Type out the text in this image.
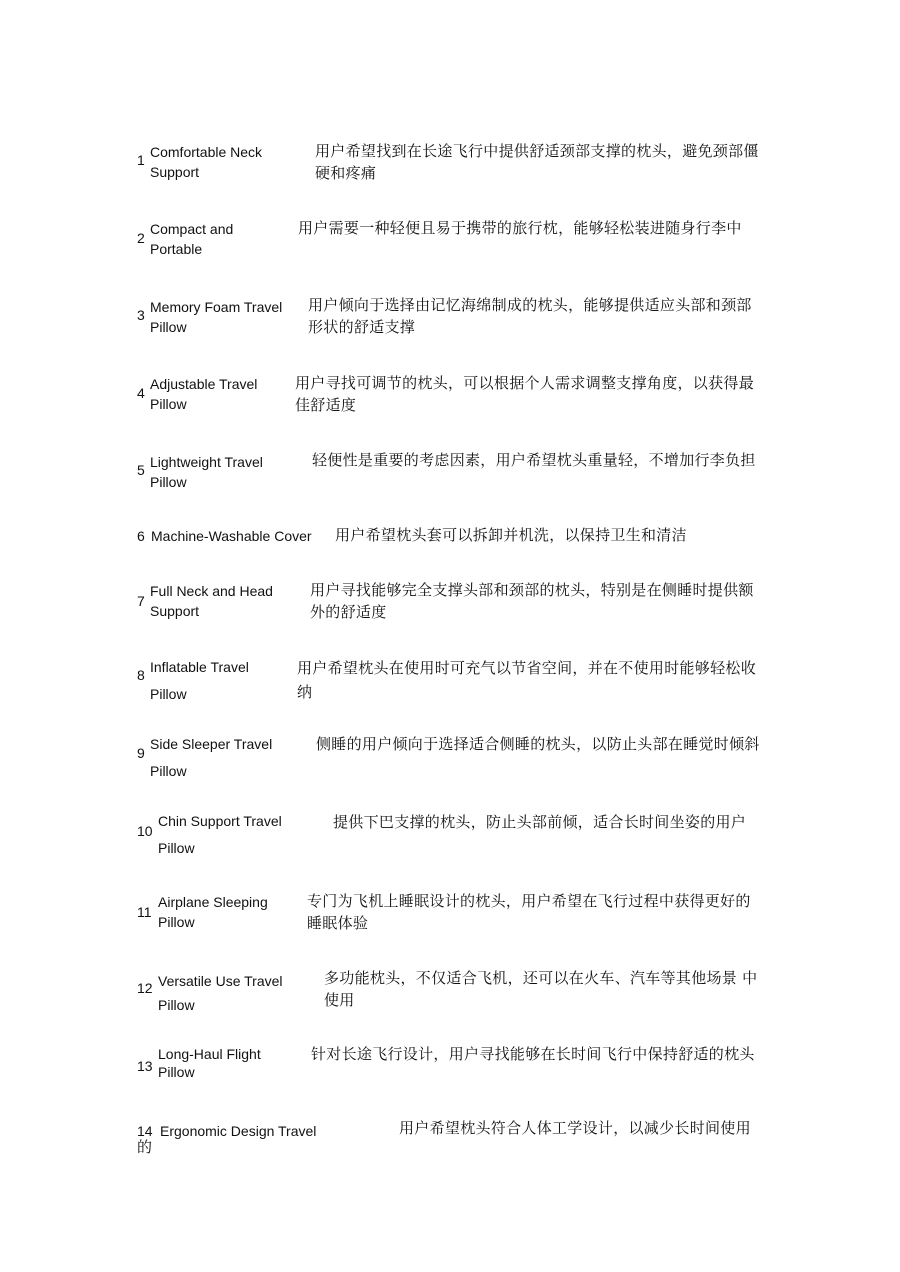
1 Comfortable Neck Support
用户希望找到在长途飞行中提供舒适颈部支撑的枕头，避免颈部僵硬和疼痛
2
Compact and Portable
用户需要一种轻便且易于携带的旅行枕，能够轻松装进随身行李中
3 Memory Foam Travel Pillow
用户倾向于选择由记忆海绵制成的枕头，能够提供适应头部和颈部形状的舒适支撑
4
Adjustable Travel Pillow
用户寻找可调节的枕头，可以根据个人需求调整支撑角度，以获得最佳舒适度
5 Lightweight Travel Pillow
轻便性是重要的考虑因素，用户希望枕头重量轻，不增加行李负担
6 Machine-Washable Cover 用户希望枕头套可以拆卸并机洗，以保持卫生和清洁
7
Full Neck and Head Support
用户寻找能够完全支撑头部和颈部的枕头，特别是在侧睡时提供额外的舒适度
8 Inflatable Travel Pillow
用户希望枕头在使用时可充气以节省空间，并在不使用时能够轻松收纳
9
Side Sleeper Travel Pillow
侧睡的用户倾向于选择适合侧睡的枕头，以防止头部在睡觉时倾斜
10
Chin Support Travel Pillow
提供下巴支撑的枕头，防止头部前倾，适合长时间坐姿的用户
11
Airplane Sleeping Pillow
专门为飞机上睡眠设计的枕头，用户希望在飞行过程中获得更好的睡眠体验
12 Versatile Use Travel Pillow
多功能枕头，不仅适合飞机，还可以在火车、汽车等其他场景 中使用
13
Long-Haul Flight Pillow
针对长途飞行设计，用户寻找能够在长时间飞行中保持舒适的枕头
14 Ergonomic Design Travel	用户希望枕头符合人体工学设计，以减少长时间使用的
